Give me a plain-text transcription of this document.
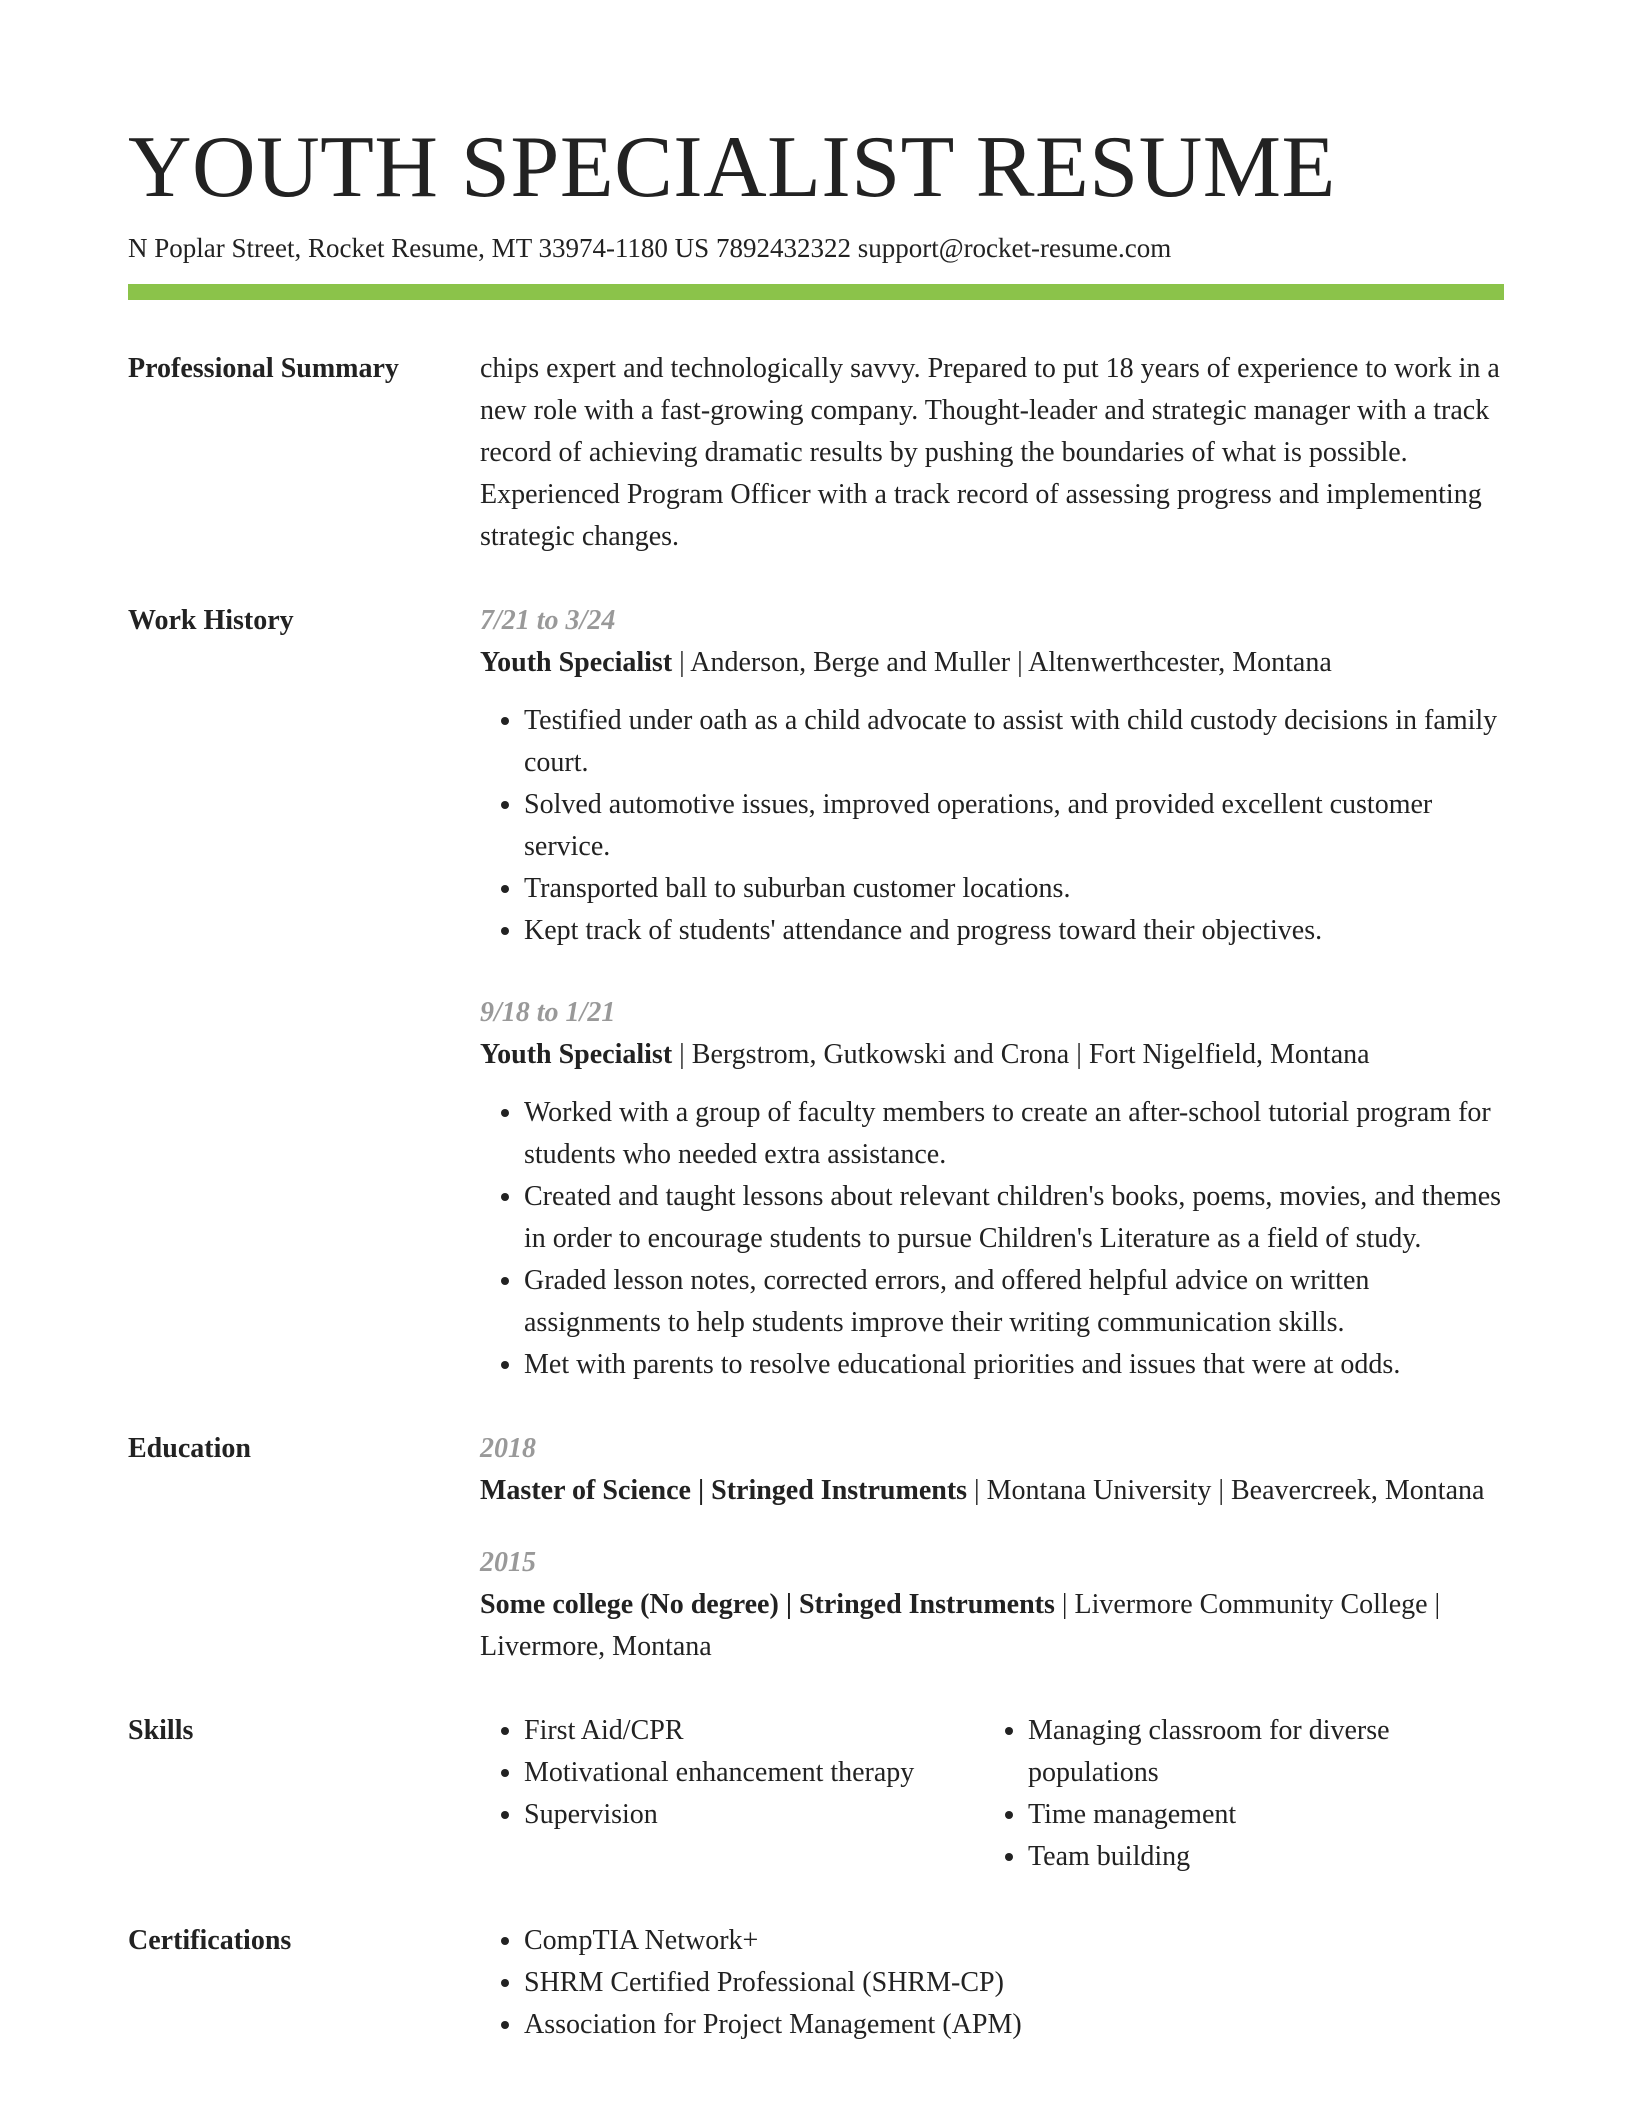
YOUTH SPECIALIST RESUME
N Poplar Street, Rocket Resume, MT 33974-1180 US 7892432322 support@rocket-resume.com
Professional Summary	chips expert and technologically savvy. Prepared to put 18 years of experience to work in a new role with a fast-growing company. Thought-leader and strategic manager with a track record of achieving dramatic results by pushing the boundaries of what is possible. Experienced Program Officer with a track record of assessing progress and implementing strategic changes.

Work History	7/21 to 3/24
Youth Specialist | Anderson, Berge and Muller | Altenwerthcester, Montana
• Testified under oath as a child advocate to assist with child custody decisions in family court.
• Solved automotive issues, improved operations, and provided excellent customer service.
• Transported ball to suburban customer locations.
• Kept track of students' attendance and progress toward their objectives.
9/18 to 1/21
Youth Specialist | Bergstrom, Gutkowski and Crona | Fort Nigelfield, Montana
• Worked with a group of faculty members to create an after-school tutorial program for students who needed extra assistance.
• Created and taught lessons about relevant children's books, poems, movies, and themes in order to encourage students to pursue Children's Literature as a field of study.
• Graded lesson notes, corrected errors, and offered helpful advice on written assignments to help students improve their writing communication skills.
• Met with parents to resolve educational priorities and issues that were at odds.
Education	2018
Master of Science | Stringed Instruments | Montana University | Beavercreek, Montana
2015
Some college (No degree) | Stringed Instruments | Livermore Community College | Livermore, Montana
Skills	• First Aid/CPR
• Motivational enhancement therapy
• Supervision
• Managing classroom for diverse populations
• Time management
• Team building
Certifications	• CompTIA Network+
• SHRM Certified Professional (SHRM-CP)
• Association for Project Management (APM)
